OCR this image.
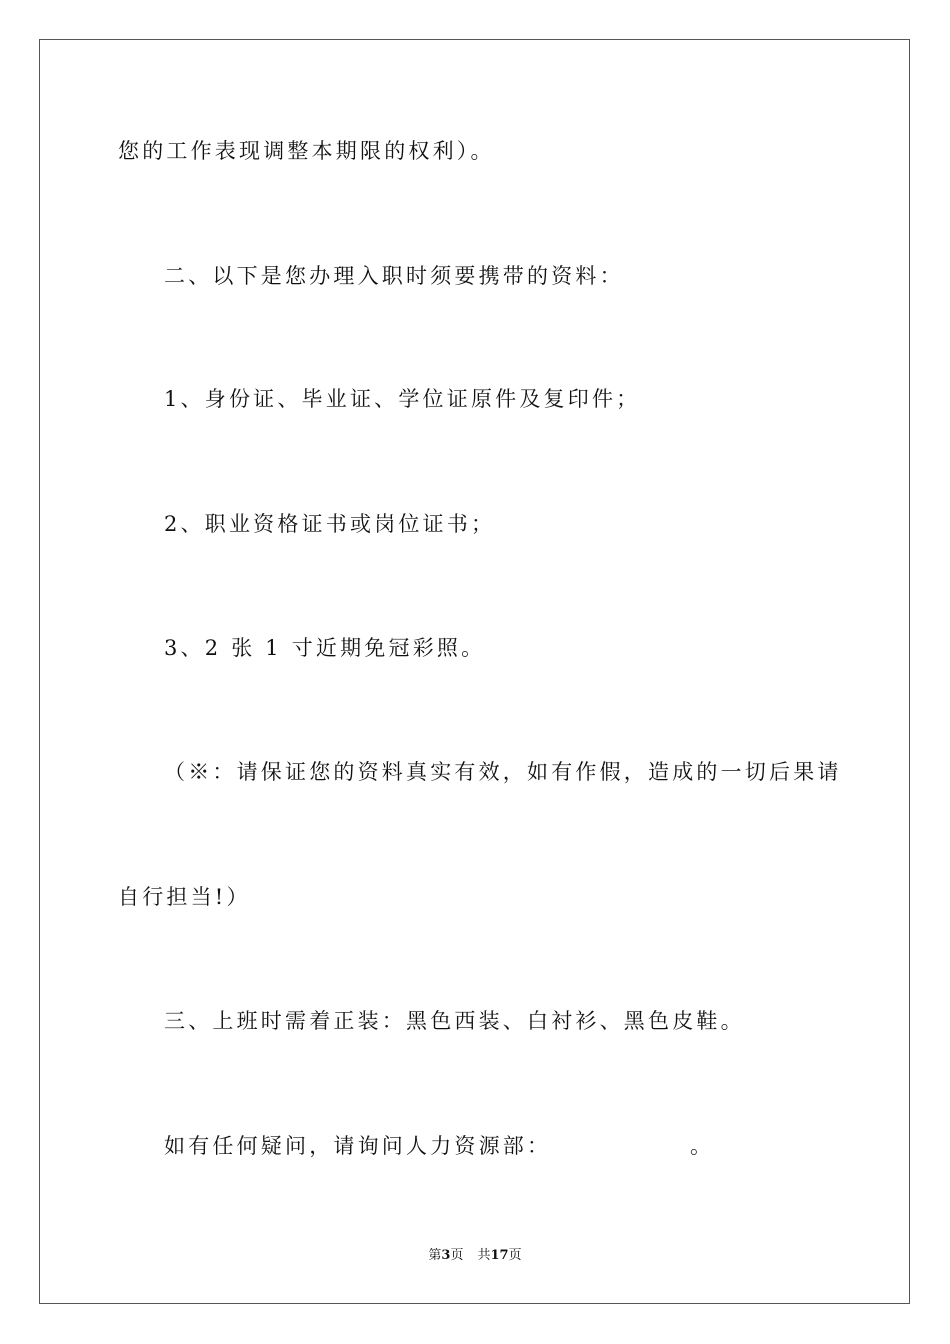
您的工作表现调整本期限的权利）。
二、以下是您办理入职时须要携带的资料：
1、身份证、毕业证、学位证原件及复印件；
2、职业资格证书或岗位证书；
3、2 张 1 寸近期免冠彩照。
（※：请保证您的资料真实有效，如有作假，造成的一切后果请
自行担当!）
三、上班时需着正装：黑色西装、白衬衫、黑色皮鞋。
如有任何疑问，请询问人力资源部：	。
第3页 共17页
